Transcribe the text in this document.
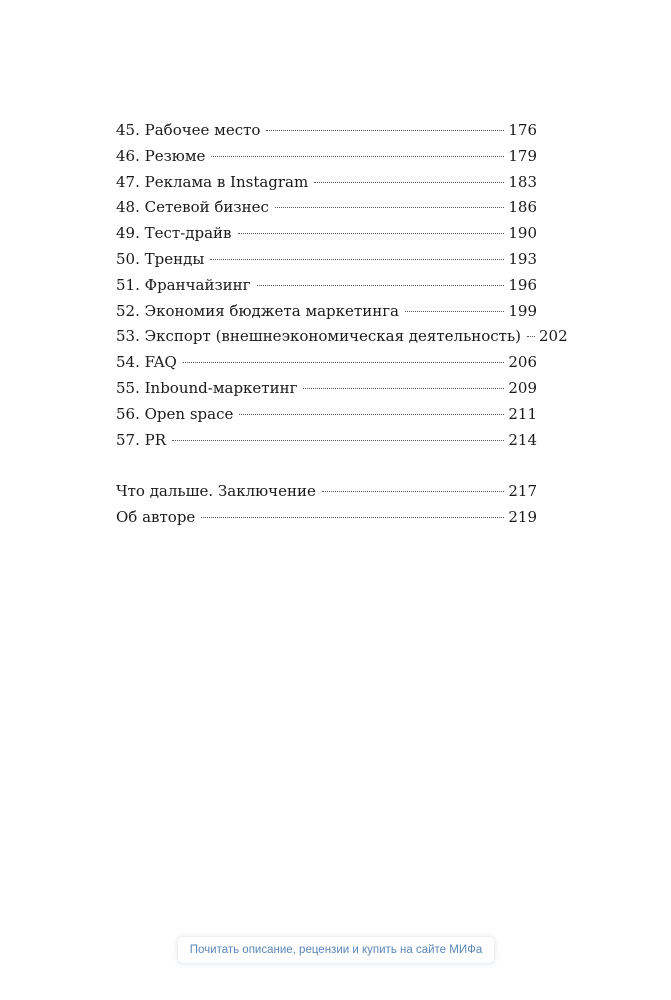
45. Рабочее место	176
46. Резюме	179
47. Реклама в Instagram	183
48. Сетевой бизнес	186
49. Тест-драйв	190
50. Тренды	193
51. Франчайзинг	196
52. Экономия бюджета маркетинга	199
53. Экспорт (внешнеэкономическая деятельность) 202
54. FAQ	206
55. Inbound-маркетинг	209
56. Open space	211
57. PR	214
Что дальше. Заключение	217
Об авторе	219
Почитать описание, рецензии и купить на сайте МИФа
